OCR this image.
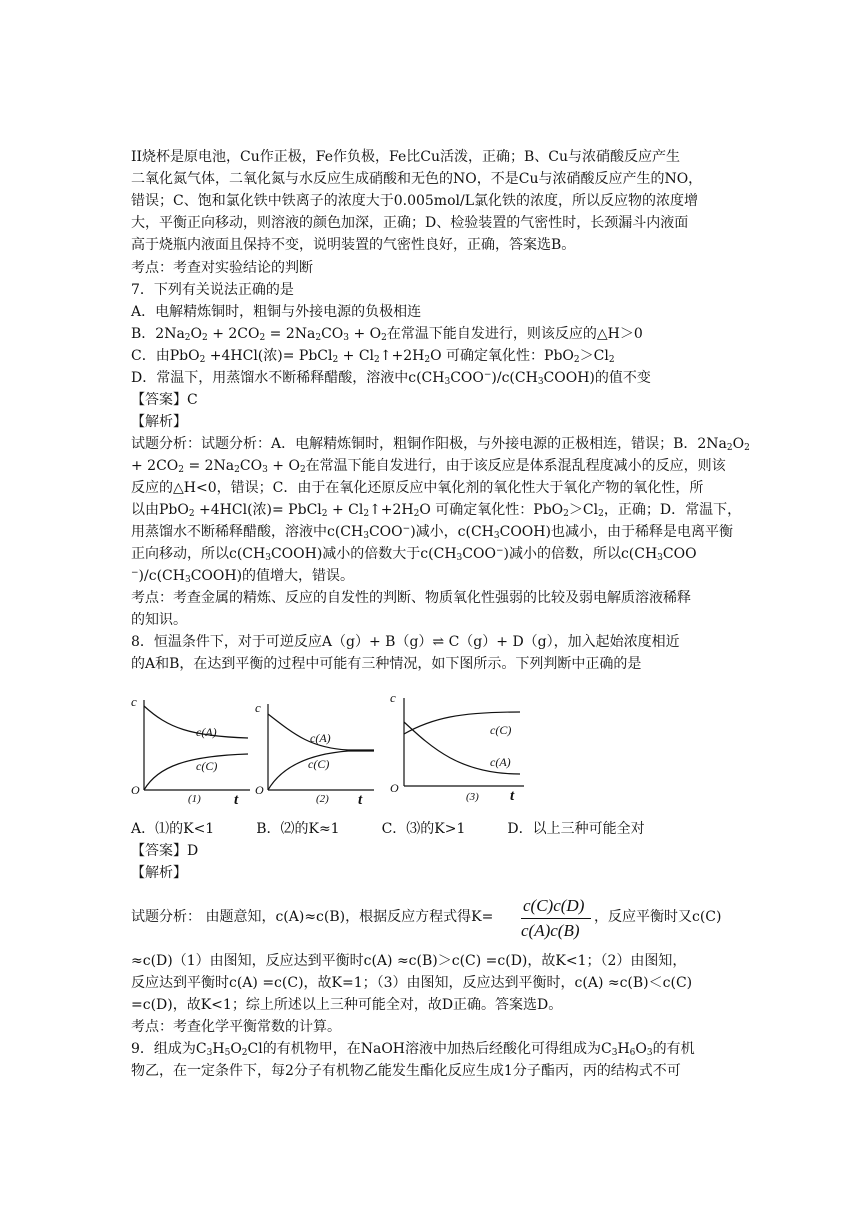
II烧杯是原电池，Cu作正极，Fe作负极，Fe比Cu活泼，正确；B、Cu与浓硝酸反应产生
二氧化氮气体，二氧化氮与水反应生成硝酸和无色的NO，不是Cu与浓硝酸反应产生的NO，
错误；C、饱和氯化铁中铁离子的浓度大于0.005mol/L氯化铁的浓度，所以反应物的浓度增
大，平衡正向移动，则溶液的颜色加深，正确；D、检验装置的气密性时，长颈漏斗内液面
高于烧瓶内液面且保持不变，说明装置的气密性良好，正确，答案选B。
考点：考查对实验结论的判断
7．下列有关说法正确的是
A．电解精炼铜时，粗铜与外接电源的负极相连
B．$2Na_2O_2 + 2CO_2 = 2Na_2CO_3 + O_2$在常温下能自发进行，则该反应的△H＞0
C．由PbO$_2$ +4HCl(浓)= PbCl$_2$ + $Cl_2↑+2H_2O$ 可确定氧化性：$PbO_2>Cl_2$
D．常温下，用蒸馏水不断稀释醋酸，溶液中$c(CH_3COO^-)/c(CH_3COOH)$的值不变
【答案】C
【解析】
试题分析：试题分析：A．电解精炼铜时，粗铜作阳极，与外接电源的正极相连，错误；B．$2Na_2O_2$
+ $2CO_2 = 2Na_2CO_3 + O_2$在常温下能自发进行，由于该反应是体系混乱程度减小的反应，则该
反应的△H<0，错误；C．由于在氧化还原反应中氧化剂的氧化性大于氧化产物的氧化性，所
以由PbO$_2$ +4HCl(浓)= PbCl$_2$ + $Cl_2↑+2H_2O$ 可确定氧化性：$PbO_2>Cl_2$，正确；D．常温下，
用蒸馏水不断稀释醋酸，溶液中$c(CH_3COO^-)$减小，$c(CH_3COOH)$也减小，由于稀释是电离平衡
正向移动，所以$c(CH_3COOH)$减小的倍数大于$c(CH_3COO^-)$减小的倍数，所以$c(CH_3COO$
$^-)/c(CH_3COOH)$的值增大，错误。
考点：考查金属的精炼、反应的自发性的判断、物质氧化性强弱的比较及弱电解质溶液稀释
的知识。
8．恒温条件下，对于可逆反应A（g）+ B（g）⇌ C（g）+ D（g），加入起始浓度相近
的A和B，在达到平衡的过程中可能有三种情况，如下图所示。下列判断中正确的是
A．⑴的K<1　　　B．⑵的K≈1　　　C．⑶的K>1　　　D．以上三种可能全对
【答案】D
【解析】
试题分析： 由题意知，c(A)≈c(B)，根据反应方程式得K=	，反应平衡时又c(C)
≈c(D)（1）由图知，反应达到平衡时c(A) ≈c(B)＞c(C) =c(D)，故K<1；（2）由图知，
反应达到平衡时c(A) =c(C)，故K=1；（3）由图知，反应达到平衡时，c(A) ≈c(B)＜c(C)
=c(D)，故K<1；综上所述以上三种可能全对，故D正确。答案选D。
考点：考查化学平衡常数的计算。
9．组成为$C_3H_5O_2Cl$的有机物甲，在NaOH溶液中加热后经酸化可得组成为$C_3H_6O_3$的有机
物乙，在一定条件下，每2分子有机物乙能发生酯化反应生成1分子酯丙，丙的结构式不可
c(C)c(D)
c(A)c(B)
c
O
t
c(A)
c(C)
(1)
c
O
t
c(A)
c(C)
(2)
c
O	t
c(C)
c(A)
(3)
